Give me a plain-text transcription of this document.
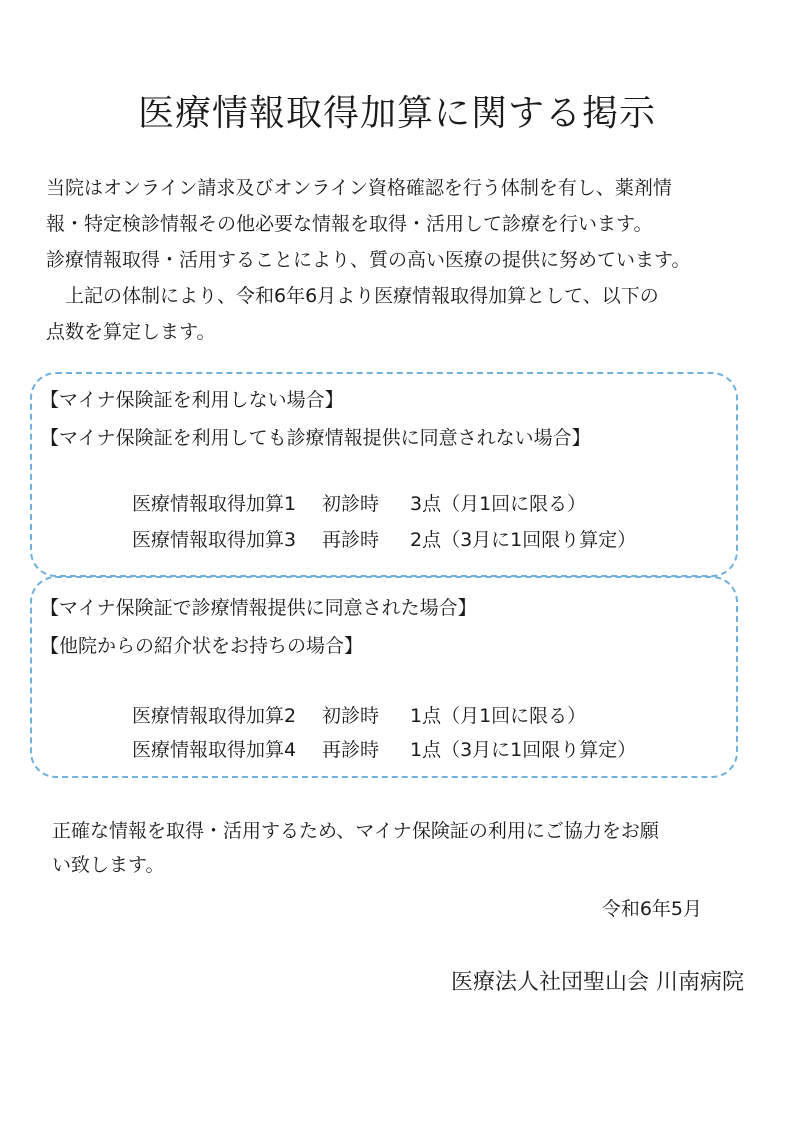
医療情報取得加算に関する掲示
当院はオンライン請求及びオンライン資格確認を行う体制を有し、薬剤情
報・特定検診情報その他必要な情報を取得・活用して診療を行います。
診療情報取得・活用することにより、質の高い医療の提供に努めています。
　上記の体制により、令和6年6月より医療情報取得加算として、以下の
点数を算定します。
【マイナ保険証を利用しない場合】
【マイナ保険証を利用しても診療情報提供に同意されない場合】
医療情報取得加算1 初診時 3点（月1回に限る）
医療情報取得加算3 再診時 2点（3月に1回限り算定）
【マイナ保険証で診療情報提供に同意された場合】
【他院からの紹介状をお持ちの場合】
医療情報取得加算2 初診時 1点（月1回に限る）
医療情報取得加算4 再診時 1点（3月に1回限り算定）
正確な情報を取得・活用するため、マイナ保険証の利用にご協力をお願
い致します。
令和6年5月
医療法人社団聖山会 川南病院
